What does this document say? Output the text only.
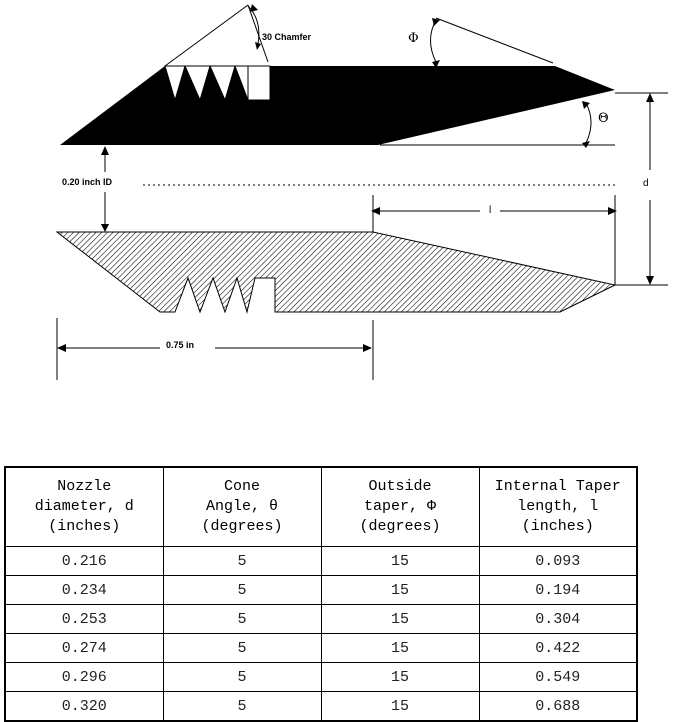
30 Chamfer	Φ
Θ
0.20 inch ID	d
l
0.75 in
Nozzle
diameter, d
(inches)	Cone
Angle, θ
(degrees)	Outside
taper, Φ
(degrees)	Internal Taper
length, l
(inches)

0.216	5	15	0.093
0.234	5	15	0.194
0.253	5	15	0.304
0.274	5	15	0.422
0.296	5	15	0.549
0.320	5	15	0.688
